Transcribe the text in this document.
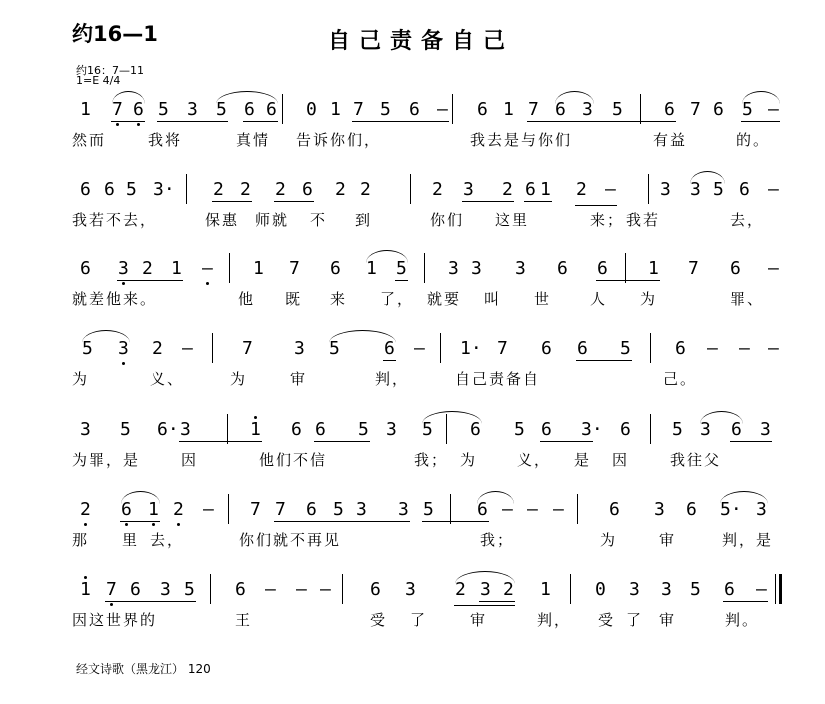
约16—1	自己责备自己
约16：7—11
1=E 4/4
1 7 6 5 3 5 6 6 0 1 7 5 6 – 6 1 7 6 3 5 6 7 6 5 –
然而	我将	真情 告诉你们，	我去是与你们	有益	的。
6 6 5 3· 2 2 2 6 2 2	2 3 2 6 1 2 – 3 3 5 6 –
我若不去，	保惠 师就 不 到	你们 这里	来； 我若	去，
6 3 2 1 – 1 7 6 1 5 3 3 3 6 6 1 7 6 –
就差他来。	他 既 来 了， 就要 叫 世	人 为	罪、
5 3 2 –	7 3 5 6 – 1· 7 6 6 5 6 – – –
为	义、	为	审	判，	自己责备自	己。
3 5 6· 3	1 6 6 5 3 5 6 5 6 3· 6 5 3 6 3
为罪，是	因	他们不信	我； 为	义， 是 因	我往父
2 6 1 2 – 7 7 6 5 3 3 5 6 – – –	6 3 6 5· 3
那 里 去，	你们就不再见	我；	为	审	判，是
1 7 6 3 5 6 – – – 6 3 2 3 2 1 0 3 3 5 6 –
因这世界的	王	受 了	审	判， 受 了 审	判。
经文诗歌（黑龙江） 120
